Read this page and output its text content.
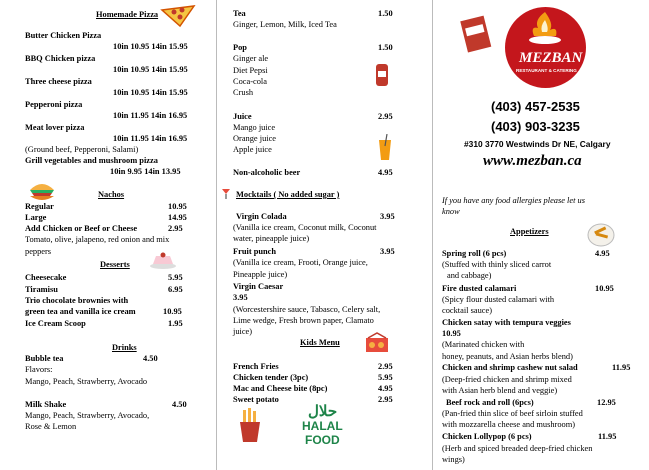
Homemade Pizza
Butter Chicken Pizza
10in 10.95 14in 15.95
BBQ Chicken pizza
10in 10.95 14in 15.95
Three cheese pizza
10in 10.95 14in 15.95
Pepperoni pizza
10in 11.95 14in 16.95
Meat lover pizza
10in 11.95 14in 16.95
(Ground beef, Pepperoni, Salami)
Grill vegetables and mushroom pizza
10in 9.95 14in 13.95
Nachos
Regular	10.95
Large	14.95
Add Chicken or Beef or Cheese	2.95
Tomato, olive, jalapeno, red onion and mix
peppers
Desserts
Cheesecake	5.95
Tiramisu	6.95
Trio chocolate brownies with
green tea and vanilla ice cream	10.95
Ice Cream Scoop	1.95
Drinks
Bubble tea	4.50
Flavors:
Mango, Peach, Strawberry, Avocado
Milk Shake	4.50
Mango, Peach, Strawberry, Avocado,
Rose & Lemon
Tea	1.50
Ginger, Lemon, Milk, Iced Tea
Pop	1.50
Ginger ale
Diet Pepsi
Coca-cola
Crush
Juice	2.95
Mango juice
Orange juice
Apple juice
Non-alcoholic beer	4.95
Mocktails ( No added sugar )
Virgin Colada	3.95
(Vanilla ice cream, Coconut milk, Coconut
water, pineapple juice)
Fruit punch	3.95
(Vanilla ice cream, Frooti, Orange juice,
Pineapple juice)
Virgin Caesar
3.95
(Worcestershire sauce, Tabasco, Celery salt,
Lime wedge, Fresh brown paper, Clamato
juice)
Kids Menu
French Fries	2.95
Chicken tender (3pc)	5.95
Mac and Cheese bite (8pc)	4.95
Sweet potato	2.95
حلال
HALAL
FOOD
MEZBAN
RESTAURANT & CATERING
(403) 457-2535
(403) 903-3235
#310 3770 Westwinds Dr NE, Calgary
www.mezban.ca
If you have any food allergies please let us
know
Appetizers
Spring roll (6 pcs)	4.95
(Stuffed with thinly sliced carrot
and cabbage)
Fire dusted calamari	10.95
(Spicy flour dusted calamari with
cocktail sauce)
Chicken satay with tempura veggies
10.95
(Marinated chicken with
honey, peanuts, and Asian herbs blend)
Chicken and shrimp cashew nut salad	11.95
(Deep-fried chicken and shrimp mixed
with Asian herb blend and veggie)
Beef rock and roll (6pcs)	12.95
(Pan-fried thin slice of beef sirloin stuffed
with mozzarella cheese and mushroom)
Chicken Lollypop (6 pcs)	11.95
(Herb and spiced breaded deep-fried chicken
wings)
